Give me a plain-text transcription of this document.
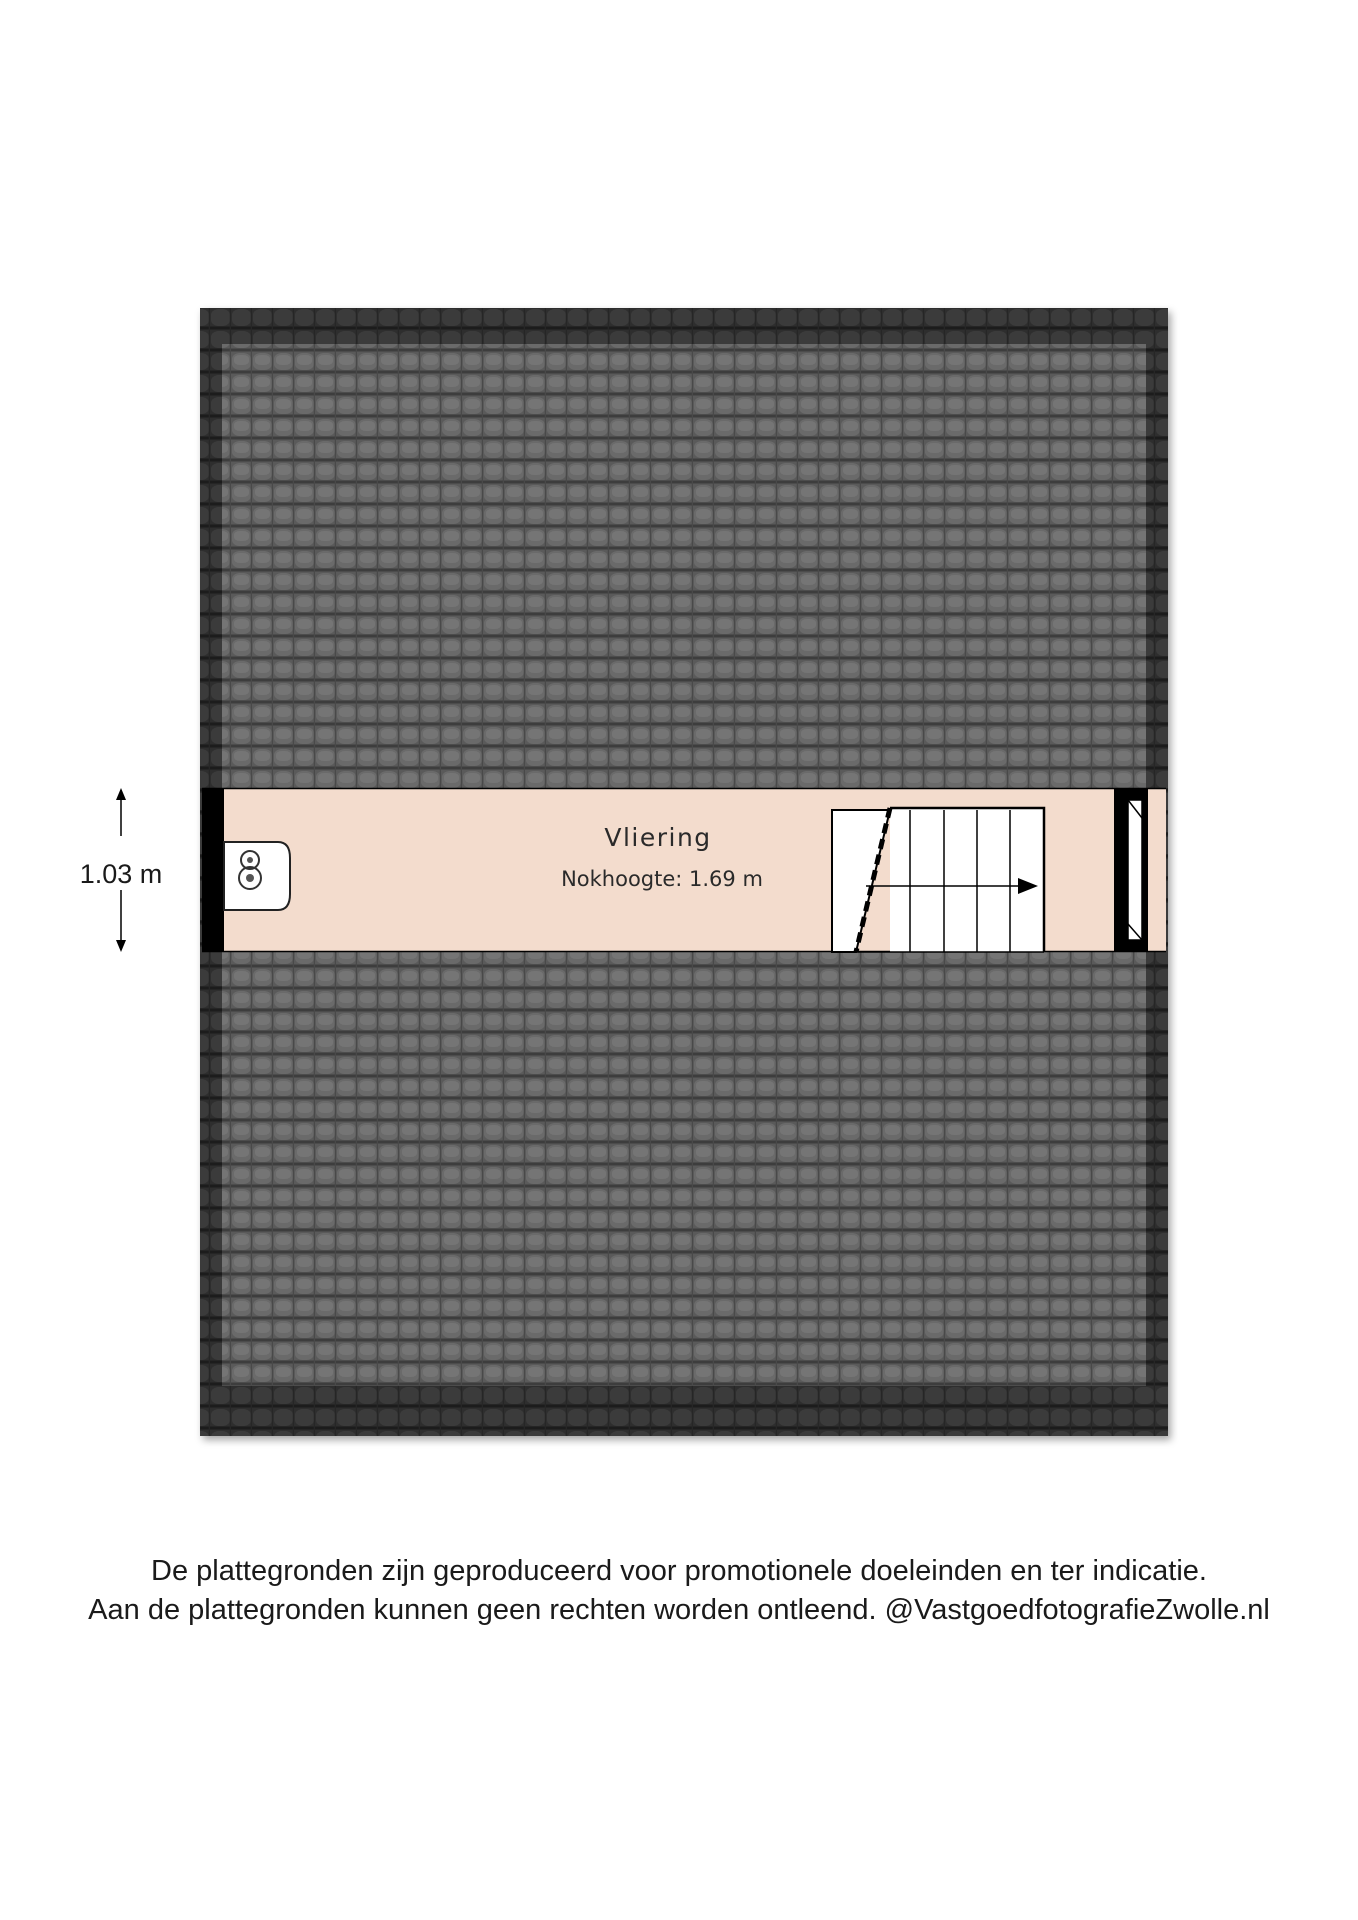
Vliering
Nokhoogte: 1.69 m
1.03 m
De plattegronden zijn geproduceerd voor promotionele doeleinden en ter indicatie.
Aan de plattegronden kunnen geen rechten worden ontleend. @VastgoedfotografieZwolle.nl
